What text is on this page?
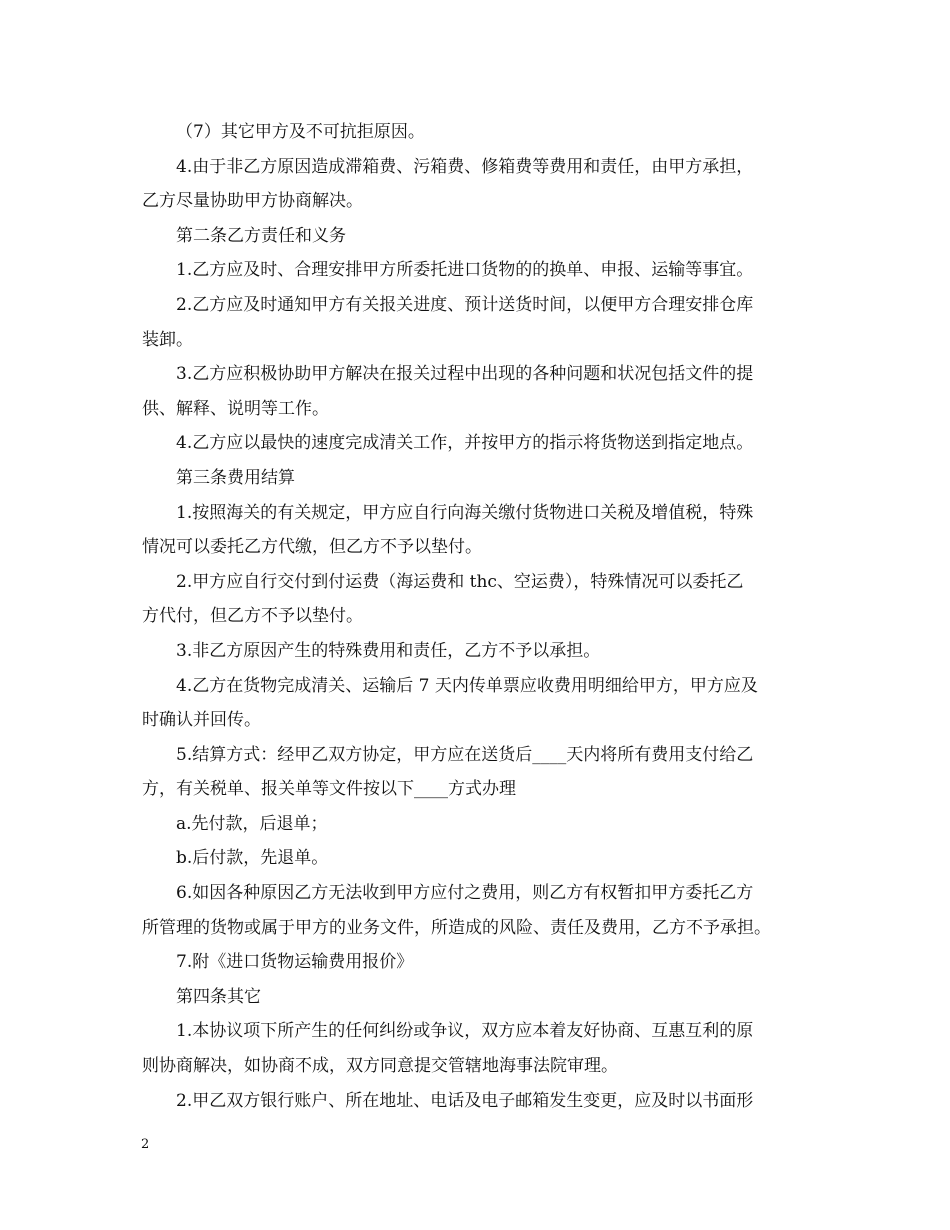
（7）其它甲方及不可抗拒原因。
4.由于非乙方原因造成滞箱费、污箱费、修箱费等费用和责任，由甲方承担，
乙方尽量协助甲方协商解决。
第二条乙方责任和义务
1.乙方应及时、合理安排甲方所委托进口货物的的换单、申报、运输等事宜。
2.乙方应及时通知甲方有关报关进度、预计送货时间，以便甲方合理安排仓库
装卸。
3.乙方应积极协助甲方解决在报关过程中出现的各种问题和状况包括文件的提
供、解释、说明等工作。
4.乙方应以最快的速度完成清关工作，并按甲方的指示将货物送到指定地点。
第三条费用结算
1.按照海关的有关规定，甲方应自行向海关缴付货物进口关税及增值税，特殊
情况可以委托乙方代缴，但乙方不予以垫付。
2.甲方应自行交付到付运费（海运费和 thc、空运费），特殊情况可以委托乙
方代付，但乙方不予以垫付。
3.非乙方原因产生的特殊费用和责任，乙方不予以承担。
4.乙方在货物完成清关、运输后 7 天内传单票应收费用明细给甲方，甲方应及
时确认并回传。
5.结算方式：经甲乙双方协定，甲方应在送货后____天内将所有费用支付给乙
方，有关税单、报关单等文件按以下____方式办理
a.先付款，后退单；
b.后付款，先退单。
6.如因各种原因乙方无法收到甲方应付之费用，则乙方有权暂扣甲方委托乙方
所管理的货物或属于甲方的业务文件，所造成的风险、责任及费用，乙方不予承担。
7.附《进口货物运输费用报价》
第四条其它
1.本协议项下所产生的任何纠纷或争议，双方应本着友好协商、互惠互利的原
则协商解决，如协商不成，双方同意提交管辖地海事法院审理。
2.甲乙双方银行账户、所在地址、电话及电子邮箱发生变更，应及时以书面形
2
